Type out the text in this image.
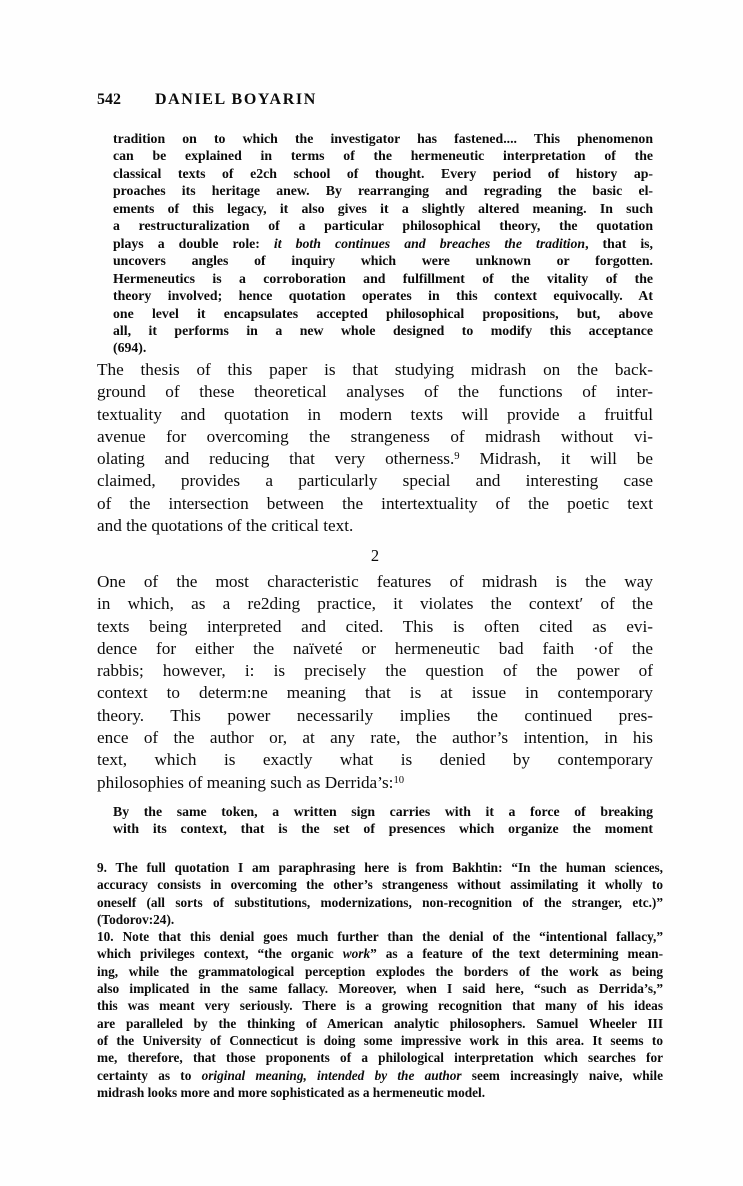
542 DANIEL BOYARIN
tradition on to which the investigator has fastened.... This phenomenon
can be explained in terms of the hermeneutic interpretation of the
classical texts of e2ch school of thought. Every period of history ap-
proaches its heritage anew. By rearranging and regrading the basic el-
ements of this legacy, it also gives it a slightly altered meaning. In such
a restructuralization of a particular philosophical theory, the quotation
plays a double role: it both continues and breaches the tradition, that is,
uncovers angles of inquiry which were unknown or forgotten.
Hermeneutics is a corroboration and fulfillment of the vitality of the
theory involved; hence quotation operates in this context equivocally. At
one level it encapsulates accepted philosophical propositions, but, above
all, it performs in a new whole designed to modify this acceptance
(694).
The thesis of this paper is that studying midrash on the back-
ground of these theoretical analyses of the functions of inter-
textuality and quotation in modern texts will provide a fruitful
avenue for overcoming the strangeness of midrash without vi-
olating and reducing that very otherness.$^9$ Midrash, it will be
claimed, provides a particularly special and interesting case
of the intersection between the intertextuality of the poetic text
and the quotations of the critical text.
2
One of the most characteristic features of midrash is the way
in which, as a re2ding practice, it violates the contextʹ of the
texts being interpreted and cited. This is often cited as evi-
dence for either the naïveté or hermeneutic bad faith ·of the
rabbis; however, i: is precisely the question of the power of
context to determ:ne meaning that is at issue in contemporary
theory. This power necessarily implies the continued pres-
ence of the author or, at any rate, the author’s intention, in his
text, which is exactly what is denied by contemporary
philosophies of meaning such as Derrida’s:$^{10}$
By the same token, a written sign carries with it a force of breaking
with its context, that is the set of presences which organize the moment
9. The full quotation I am paraphrasing here is from Bakhtin: “In the human sciences,
accuracy consists in overcoming the other’s strangeness without assimilating it wholly to
oneself (all sorts of substitutions, modernizations, non-recognition of the stranger, etc.)”
(Todorov:24).
10. Note that this denial goes much further than the denial of the “intentional fallacy,”
which privileges context, “the organic work” as a feature of the text determining mean-
ing, while the grammatological perception explodes the borders of the work as being
also implicated in the same fallacy. Moreover, when I said here, “such as Derrida’s,”
this was meant very seriously. There is a growing recognition that many of his ideas
are paralleled by the thinking of American analytic philosophers. Samuel Wheeler III
of the University of Connecticut is doing some impressive work in this area. It seems to
me, therefore, that those proponents of a philological interpretation which searches for
certainty as to original meaning, intended by the author seem increasingly naive, while
midrash looks more and more sophisticated as a hermeneutic model.
